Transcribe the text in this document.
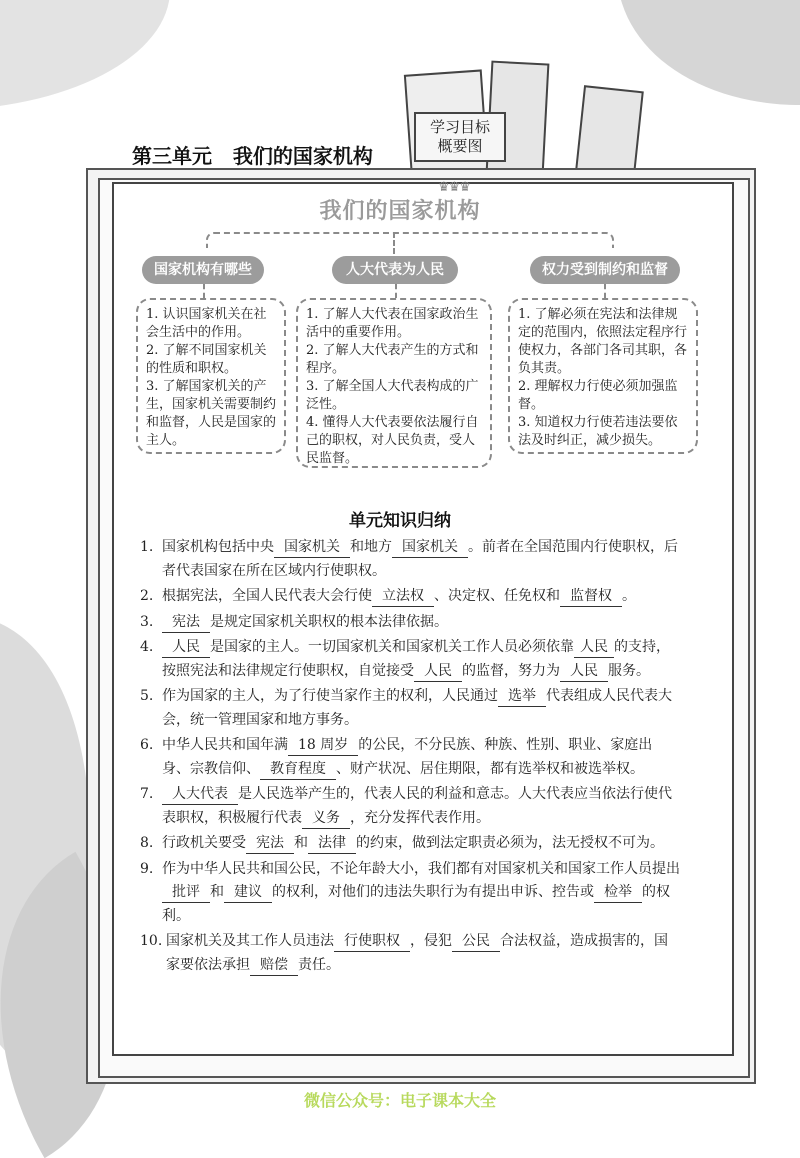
学习目标
概要图
第三单元   我们的国家机构
♛♛♛
我们的国家机构
国家机构有哪些	人大代表为人民	权力受到制约和监督

1. 认识国家机关在社会生活中的作用。

2. 了解不同国家机关的性质和职权。

3. 了解国家机关的产生，国家机关需要制约和监督，人民是国家的主人。

1. 了解人大代表在国家政治生活中的重要作用。

2. 了解人大代表产生的方式和程序。

3. 了解全国人大代表构成的广泛性。

4. 懂得人大代表要依法履行自己的职权，对人民负责，受人民监督。

1. 了解必须在宪法和法律规定的范围内，依照法定程序行使权力，各部门各司其职，各负其责。

2. 理解权力行使必须加强监督。

3. 知道权力行使若违法要依法及时纠正，减少损失。

单元知识归纳
1. 国家机构包括中央 国家机关 和地方 国家机关 。前者在全国范围内行使职权，后者代表国家在所在区域内行使职权。
2. 根据宪法，全国人民代表大会行使 立法权 、决定权、任免权和 监督权 。
3.	宪法 是规定国家机关职权的根本法律依据。
4.	人民 是国家的主人。一切国家机关和国家机关工作人员必须依靠 人民 的支持，按照宪法和法律规定行使职权，自觉接受 人民 的监督，努力为 人民 服务。
5. 作为国家的主人，为了行使当家作主的权利，人民通过 选举 代表组成人民代表大会，统一管理国家和地方事务。
6. 中华人民共和国年满 18 周岁 的公民，不分民族、种族、性别、职业、家庭出身、宗教信仰、 教育程度 、财产状况、居住期限，都有选举权和被选举权。
7.	人大代表 是人民选举产生的，代表人民的利益和意志。人大代表应当依法行使代表职权，积极履行代表 义务 ，充分发挥代表作用。
8. 行政机关要受 宪法 和 法律 的约束，做到法定职责必须为，法无授权不可为。
9. 作为中华人民共和国公民，不论年龄大小，我们都有对国家机关和国家工作人员提出批评 和 建议 的权利，对他们的违法失职行为有提出申诉、控告或 检举 的权利。
10. 国家机关及其工作人员违法 行使职权 ，侵犯 公民 合法权益，造成损害的，国家要依法承担 赔偿 责任。
微信公众号：电子课本大全
